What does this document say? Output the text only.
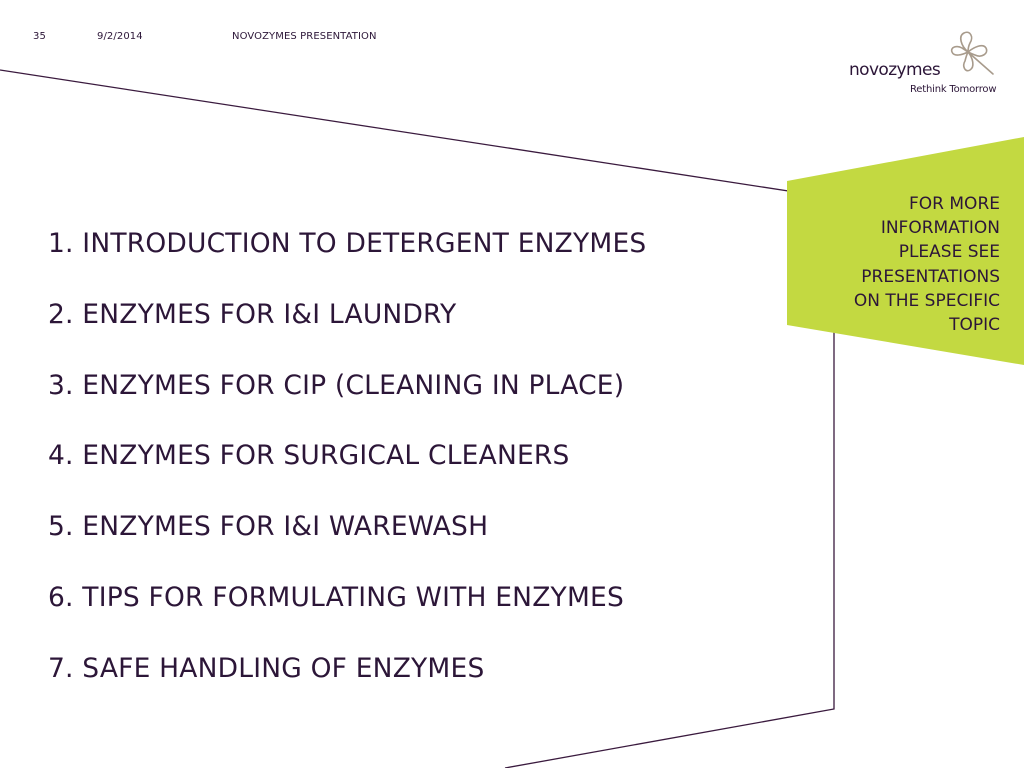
35	9/2/2014	NOVOZYMES PRESENTATION
novozymes
Rethink Tomorrow
1. INTRODUCTION TO DETERGENT ENZYMES
2. ENZYMES FOR I&I LAUNDRY
3. ENZYMES FOR CIP (CLEANING IN PLACE)
4. ENZYMES FOR SURGICAL CLEANERS
5. ENZYMES FOR I&I WAREWASH
6. TIPS FOR FORMULATING WITH ENZYMES
7. SAFE HANDLING OF ENZYMES
FOR MORE
INFORMATION
PLEASE SEE
PRESENTATIONS
ON THE SPECIFIC
TOPIC
